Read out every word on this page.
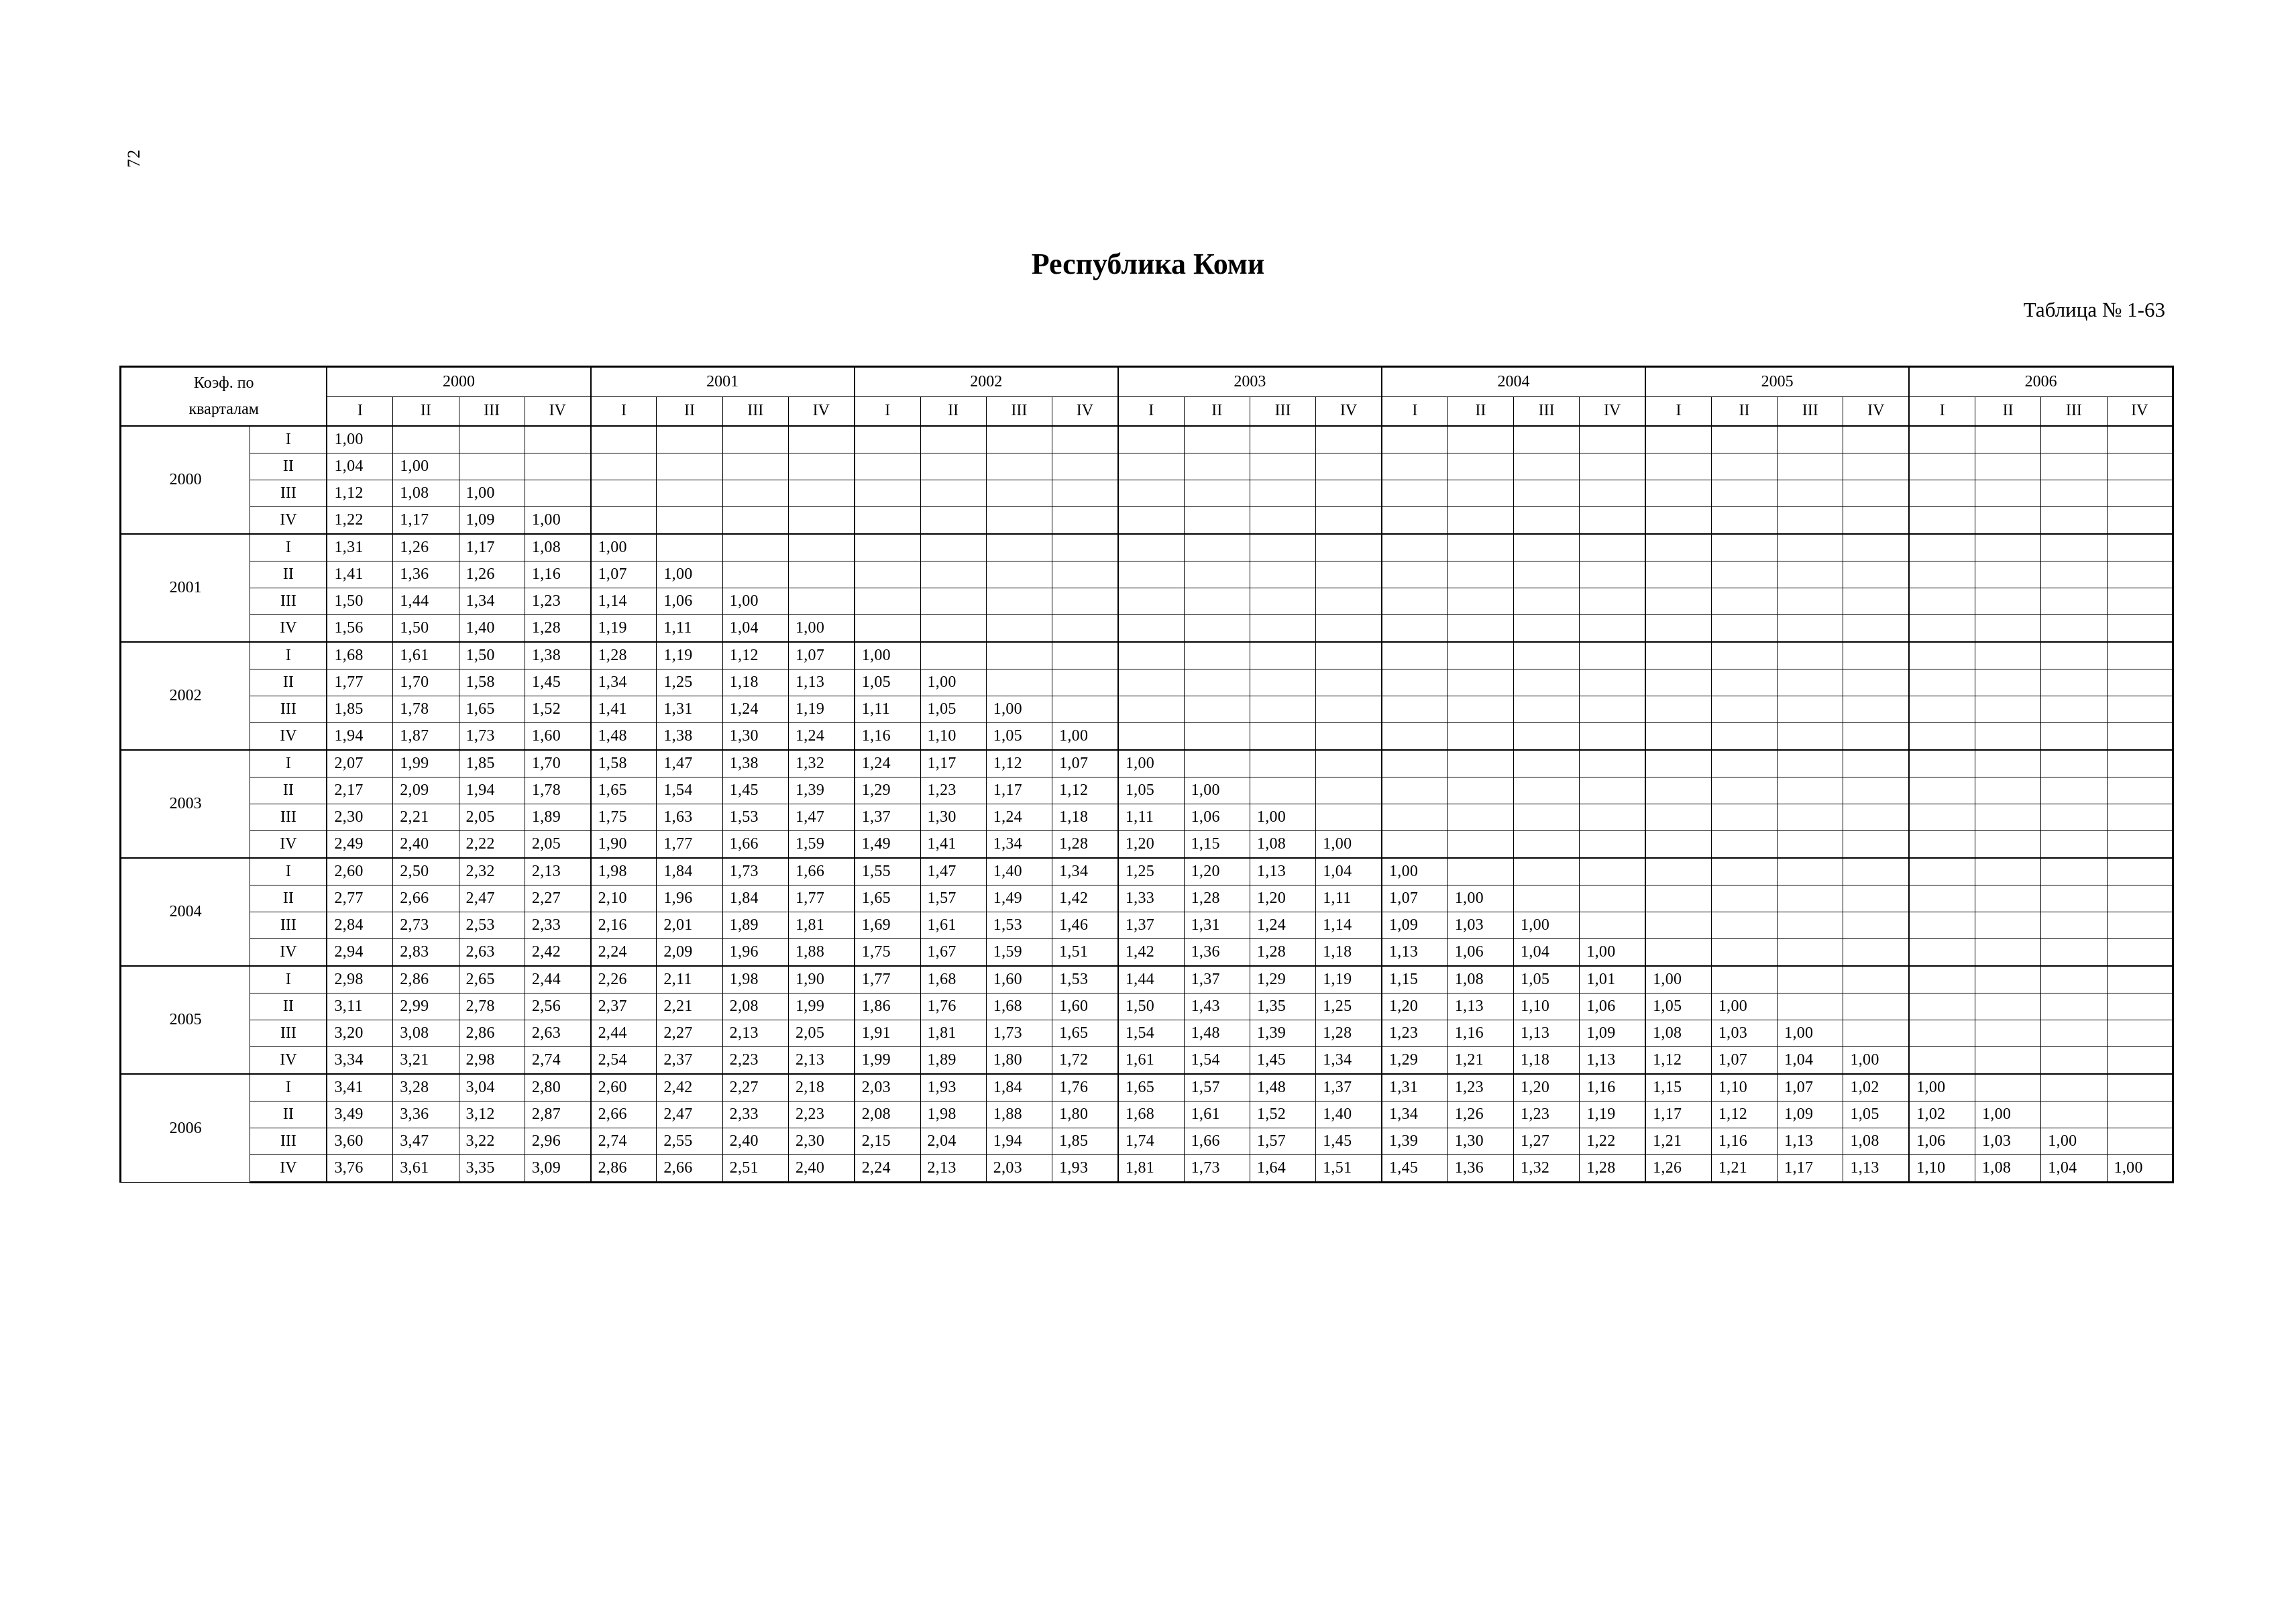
72
Республика Коми
Таблица № 1-63
Коэф. по
кварталам		2000				2001				2002				2003				2004				2005				2006			
		I	II	III	IV	I	II	III	IV	I	II	III	IV	I	II	III	IV	I	II	III	IV	I	II	III	IV	I	II	III	IV
2000	I	1,00																											
	II	1,04	1,00																										
	III	1,12	1,08	1,00																									
	IV	1,22	1,17	1,09	1,00																								
2001	I	1,31	1,26	1,17	1,08	1,00																							
	II	1,41	1,36	1,26	1,16	1,07	1,00																						
	III	1,50	1,44	1,34	1,23	1,14	1,06	1,00																					
	IV	1,56	1,50	1,40	1,28	1,19	1,11	1,04	1,00																				
2002	I	1,68	1,61	1,50	1,38	1,28	1,19	1,12	1,07	1,00																			
	II	1,77	1,70	1,58	1,45	1,34	1,25	1,18	1,13	1,05	1,00																		
	III	1,85	1,78	1,65	1,52	1,41	1,31	1,24	1,19	1,11	1,05	1,00																	
	IV	1,94	1,87	1,73	1,60	1,48	1,38	1,30	1,24	1,16	1,10	1,05	1,00																
2003	I	2,07	1,99	1,85	1,70	1,58	1,47	1,38	1,32	1,24	1,17	1,12	1,07	1,00															
	II	2,17	2,09	1,94	1,78	1,65	1,54	1,45	1,39	1,29	1,23	1,17	1,12	1,05	1,00														
	III	2,30	2,21	2,05	1,89	1,75	1,63	1,53	1,47	1,37	1,30	1,24	1,18	1,11	1,06	1,00													
	IV	2,49	2,40	2,22	2,05	1,90	1,77	1,66	1,59	1,49	1,41	1,34	1,28	1,20	1,15	1,08	1,00												
2004	I	2,60	2,50	2,32	2,13	1,98	1,84	1,73	1,66	1,55	1,47	1,40	1,34	1,25	1,20	1,13	1,04	1,00											
	II	2,77	2,66	2,47	2,27	2,10	1,96	1,84	1,77	1,65	1,57	1,49	1,42	1,33	1,28	1,20	1,11	1,07	1,00										
	III	2,84	2,73	2,53	2,33	2,16	2,01	1,89	1,81	1,69	1,61	1,53	1,46	1,37	1,31	1,24	1,14	1,09	1,03	1,00									
	IV	2,94	2,83	2,63	2,42	2,24	2,09	1,96	1,88	1,75	1,67	1,59	1,51	1,42	1,36	1,28	1,18	1,13	1,06	1,04	1,00								
2005	I	2,98	2,86	2,65	2,44	2,26	2,11	1,98	1,90	1,77	1,68	1,60	1,53	1,44	1,37	1,29	1,19	1,15	1,08	1,05	1,01	1,00							
	II	3,11	2,99	2,78	2,56	2,37	2,21	2,08	1,99	1,86	1,76	1,68	1,60	1,50	1,43	1,35	1,25	1,20	1,13	1,10	1,06	1,05	1,00						
	III	3,20	3,08	2,86	2,63	2,44	2,27	2,13	2,05	1,91	1,81	1,73	1,65	1,54	1,48	1,39	1,28	1,23	1,16	1,13	1,09	1,08	1,03	1,00					
	IV	3,34	3,21	2,98	2,74	2,54	2,37	2,23	2,13	1,99	1,89	1,80	1,72	1,61	1,54	1,45	1,34	1,29	1,21	1,18	1,13	1,12	1,07	1,04	1,00				
2006	I	3,41	3,28	3,04	2,80	2,60	2,42	2,27	2,18	2,03	1,93	1,84	1,76	1,65	1,57	1,48	1,37	1,31	1,23	1,20	1,16	1,15	1,10	1,07	1,02	1,00			
	II	3,49	3,36	3,12	2,87	2,66	2,47	2,33	2,23	2,08	1,98	1,88	1,80	1,68	1,61	1,52	1,40	1,34	1,26	1,23	1,19	1,17	1,12	1,09	1,05	1,02	1,00		
	III	3,60	3,47	3,22	2,96	2,74	2,55	2,40	2,30	2,15	2,04	1,94	1,85	1,74	1,66	1,57	1,45	1,39	1,30	1,27	1,22	1,21	1,16	1,13	1,08	1,06	1,03	1,00	
	IV	3,76	3,61	3,35	3,09	2,86	2,66	2,51	2,40	2,24	2,13	2,03	1,93	1,81	1,73	1,64	1,51	1,45	1,36	1,32	1,28	1,26	1,21	1,17	1,13	1,10	1,08	1,04	1,00
